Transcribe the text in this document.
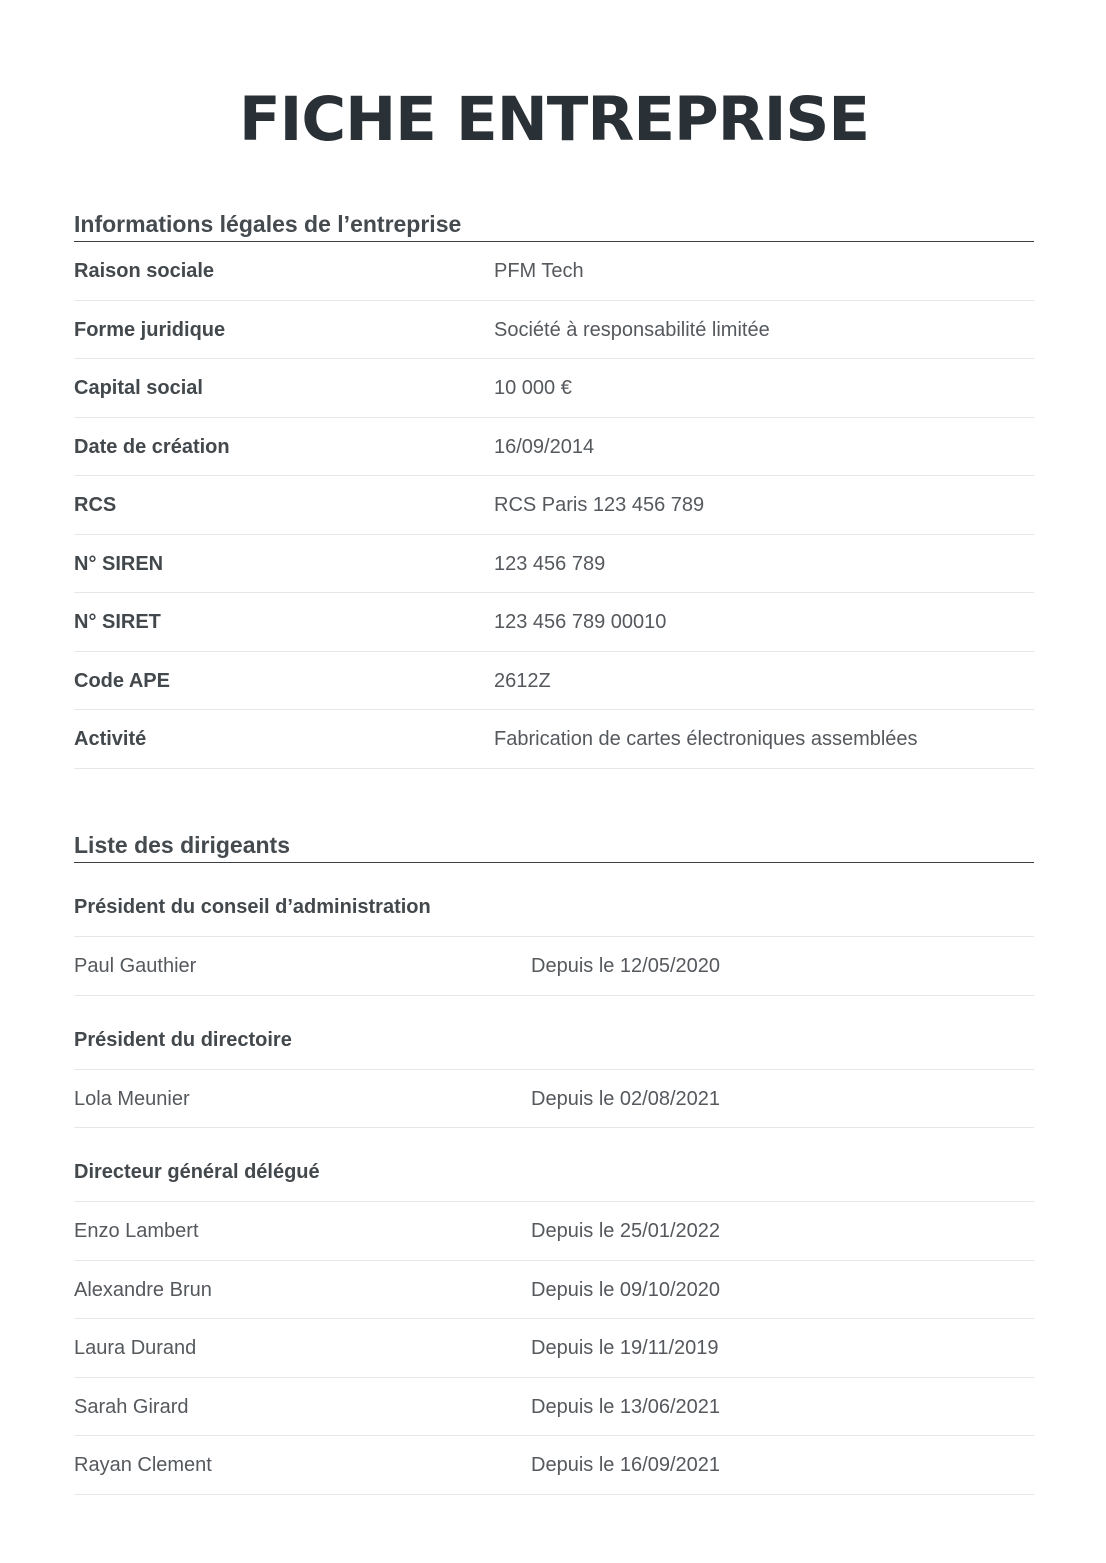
FICHE ENTREPRISE
Informations légales de l’entreprise
Raison sociale	PFM Tech
Forme juridique	Société à responsabilité limitée
Capital social	10 000 €
Date de création	16/09/2014
RCS	RCS Paris 123 456 789
N° SIREN	123 456 789
N° SIRET	123 456 789 00010
Code APE	2612Z
Activité	Fabrication de cartes électroniques assemblées
Liste des dirigeants
Président du conseil d’administration
Paul Gauthier	Depuis le 12/05/2020
Président du directoire
Lola Meunier	Depuis le 02/08/2021
Directeur général délégué
Enzo Lambert	Depuis le 25/01/2022
Alexandre Brun	Depuis le 09/10/2020
Laura Durand	Depuis le 19/11/2019
Sarah Girard	Depuis le 13/06/2021
Rayan Clement	Depuis le 16/09/2021
